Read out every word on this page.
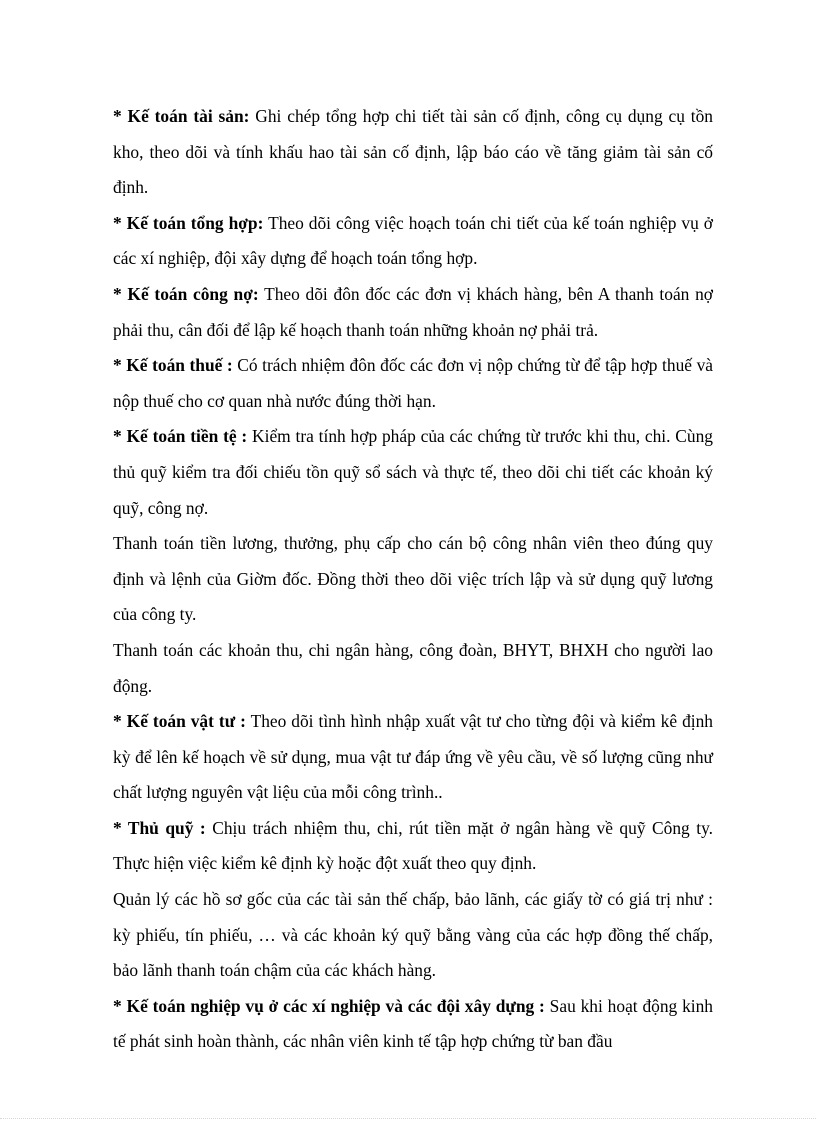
* Kế toán tài sản: Ghi chép tổng hợp chi tiết tài sản cố định, công cụ dụng cụ tồn kho, theo dõi và tính khấu hao tài sản cố định, lập báo cáo về tăng giảm tài sản cố định.

* Kế toán tổng hợp: Theo dõi công việc hoạch toán chi tiết của kế toán nghiệp vụ ở các xí nghiệp, đội xây dựng để hoạch toán tổng hợp.

* Kế toán công nợ: Theo dõi đôn đốc các đơn vị khách hàng, bên A thanh toán nợ phải thu, cân đối để lập kế hoạch thanh toán những khoản nợ phải trả.

* Kế toán thuế : Có trách nhiệm đôn đốc các đơn vị nộp chứng từ để tập hợp thuế và nộp thuế cho cơ quan nhà nước đúng thời hạn.

* Kế toán tiền tệ : Kiểm tra tính hợp pháp của các chứng từ trước khi thu, chi. Cùng thủ quỹ kiểm tra đối chiếu tồn quỹ sổ sách và thực tế, theo dõi chi tiết các khoản ký quỹ, công nợ.

Thanh toán tiền lương, thưởng, phụ cấp cho cán bộ công nhân viên theo đúng quy định và lệnh của Giờm đốc. Đồng thời theo dõi việc trích lập và sử dụng quỹ lương của công ty.

Thanh toán các khoản thu, chi ngân hàng, công đoàn, BHYT, BHXH cho người lao động.

* Kế toán vật tư : Theo dõi tình hình nhập xuất vật tư cho từng đội và kiểm kê định kỳ để lên kế hoạch về sử dụng, mua vật tư đáp ứng về yêu cầu, về số lượng cũng như chất lượng nguyên vật liệu của mỗi công trình..

* Thủ quỹ : Chịu trách nhiệm thu, chi, rút tiền mặt ở ngân hàng về quỹ Công ty. Thực hiện việc kiểm kê định kỳ hoặc đột xuất theo quy định.

Quản lý các hồ sơ gốc của các tài sản thế chấp, bảo lãnh, các giấy tờ có giá trị như : kỳ phiếu, tín phiếu, … và các khoản ký quỹ bằng vàng của các hợp đồng thế chấp, bảo lãnh thanh toán chậm của các khách hàng.

* Kế toán nghiệp vụ ở các xí nghiệp và các đội xây dựng : Sau khi hoạt động kinh tế phát sinh hoàn thành, các nhân viên kinh tế tập hợp chứng từ ban đầu
